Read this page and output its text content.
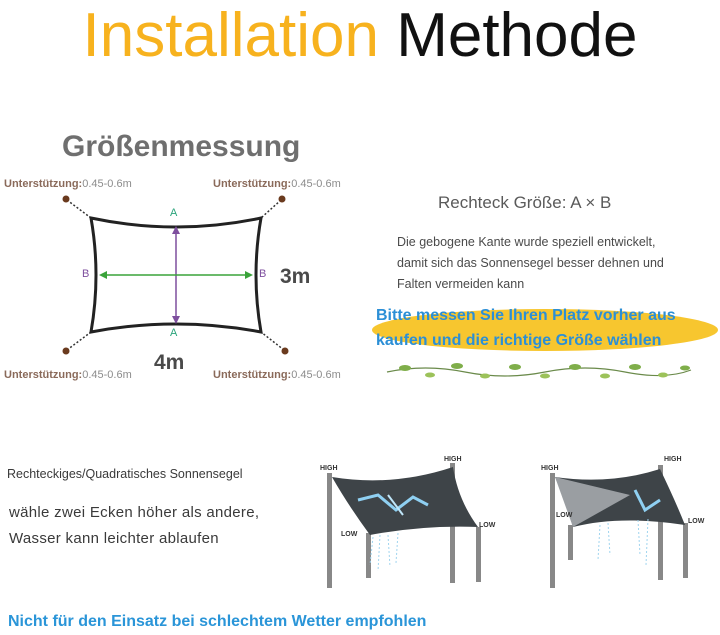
Installation Methode
Größenmessung
Unterstützung:0.45-0.6m	Unterstützung:0.45-0.6m
Unterstützung:0.45-0.6m	Unterstützung:0.45-0.6m
A
A
B	B 3m
4m
Rechteck Größe: A × B
Die gebogene Kante wurde speziell entwickelt,
damit sich das Sonnensegel besser dehnen und
Falten vermeiden kann
Bitte messen Sie Ihren Platz vorher aus
kaufen und die richtige Größe wählen
Rechteckiges/Quadratisches Sonnensegel
wähle zwei Ecken höher als andere,
Wasser kann leichter ablaufen
HIGH
HIGH
LOW
LOW
HIGH
HIGH
LOW
LOW
Nicht für den Einsatz bei schlechtem Wetter empfohlen
